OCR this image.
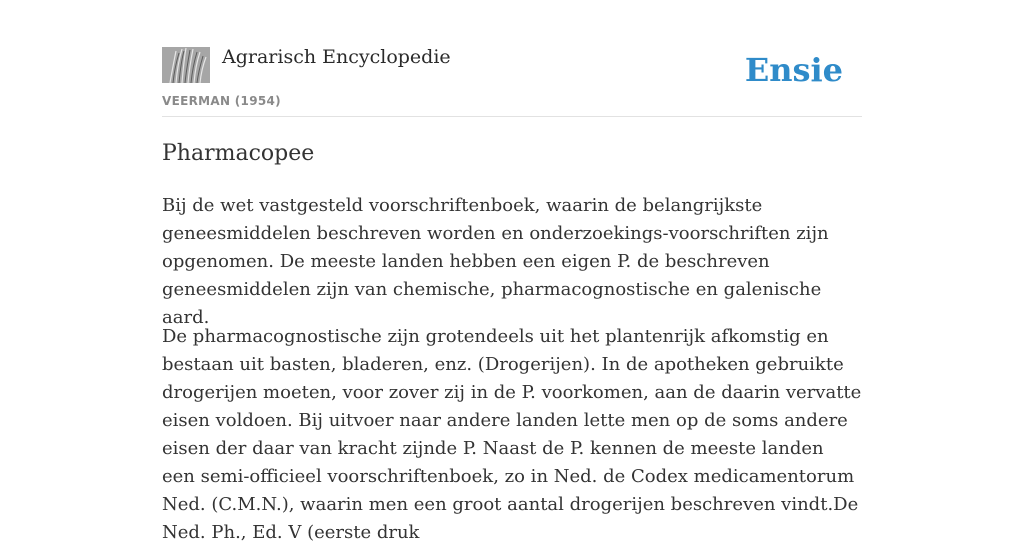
Agrarisch Encyclopedie
VEERMAN (1954)
Ensie
Pharmacopee

Bij de wet vastgesteld voorschriftenboek, waarin de belangrijkste geneesmiddelen beschreven worden en onderzoekings-voorschriften zijn opgenomen. De meeste landen hebben een eigen P. de beschreven geneesmiddelen zijn van chemische, pharmacognostische en galenische aard.

De pharmacognostische zijn grotendeels uit het plantenrijk afkomstig en bestaan uit basten, bladeren, enz. (Drogerijen). In de apotheken gebruikte drogerijen moeten, voor zover zij in de P. voorkomen, aan de daarin vervatte eisen voldoen. Bij uitvoer naar andere landen lette men op de soms andere eisen der daar van kracht zijnde P. Naast de P. kennen de meeste landen een semi-officieel voorschriftenboek, zo in Ned. de Codex medicamentorum Ned. (C.M.N.), waarin men een groot aantal drogerijen beschreven vindt.De Ned. Ph., Ed. V (eerste druk
